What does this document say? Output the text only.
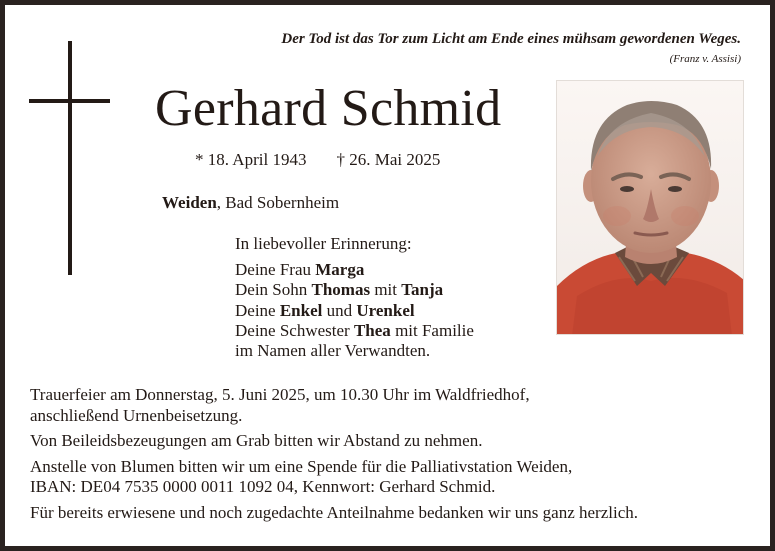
Der Tod ist das Tor zum Licht am Ende eines mühsam gewordenen Weges.
(Franz v. Assisi)
Gerhard Schmid
* 18. April 1943 † 26. Mai 2025
Weiden, Bad Sobernheim
In liebevoller Erinnerung:
Deine Frau Marga
Dein Sohn Thomas mit Tanja
Deine Enkel und Urenkel
Deine Schwester Thea mit Familie
im Namen aller Verwandten.

Trauerfeier am Donnerstag, 5. Juni 2025, um 10.30 Uhr im Waldfriedhof,
anschließend Urnenbeisetzung.

Von Beileidsbezeugungen am Grab bitten wir Abstand zu nehmen.

Anstelle von Blumen bitten wir um eine Spende für die Palliativstation Weiden,
IBAN: DE04 7535 0000 0011 1092 04, Kennwort: Gerhard Schmid.

Für bereits erwiesene und noch zugedachte Anteilnahme bedanken wir uns ganz herzlich.
